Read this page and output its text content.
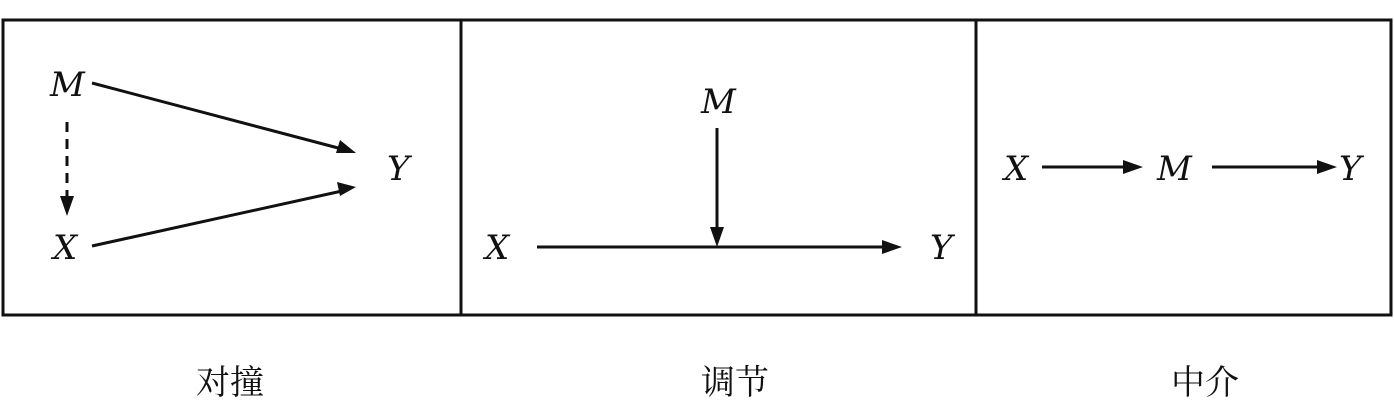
M
X
Y
对撞
M
X	Y
调节
X	M	Y
中介
